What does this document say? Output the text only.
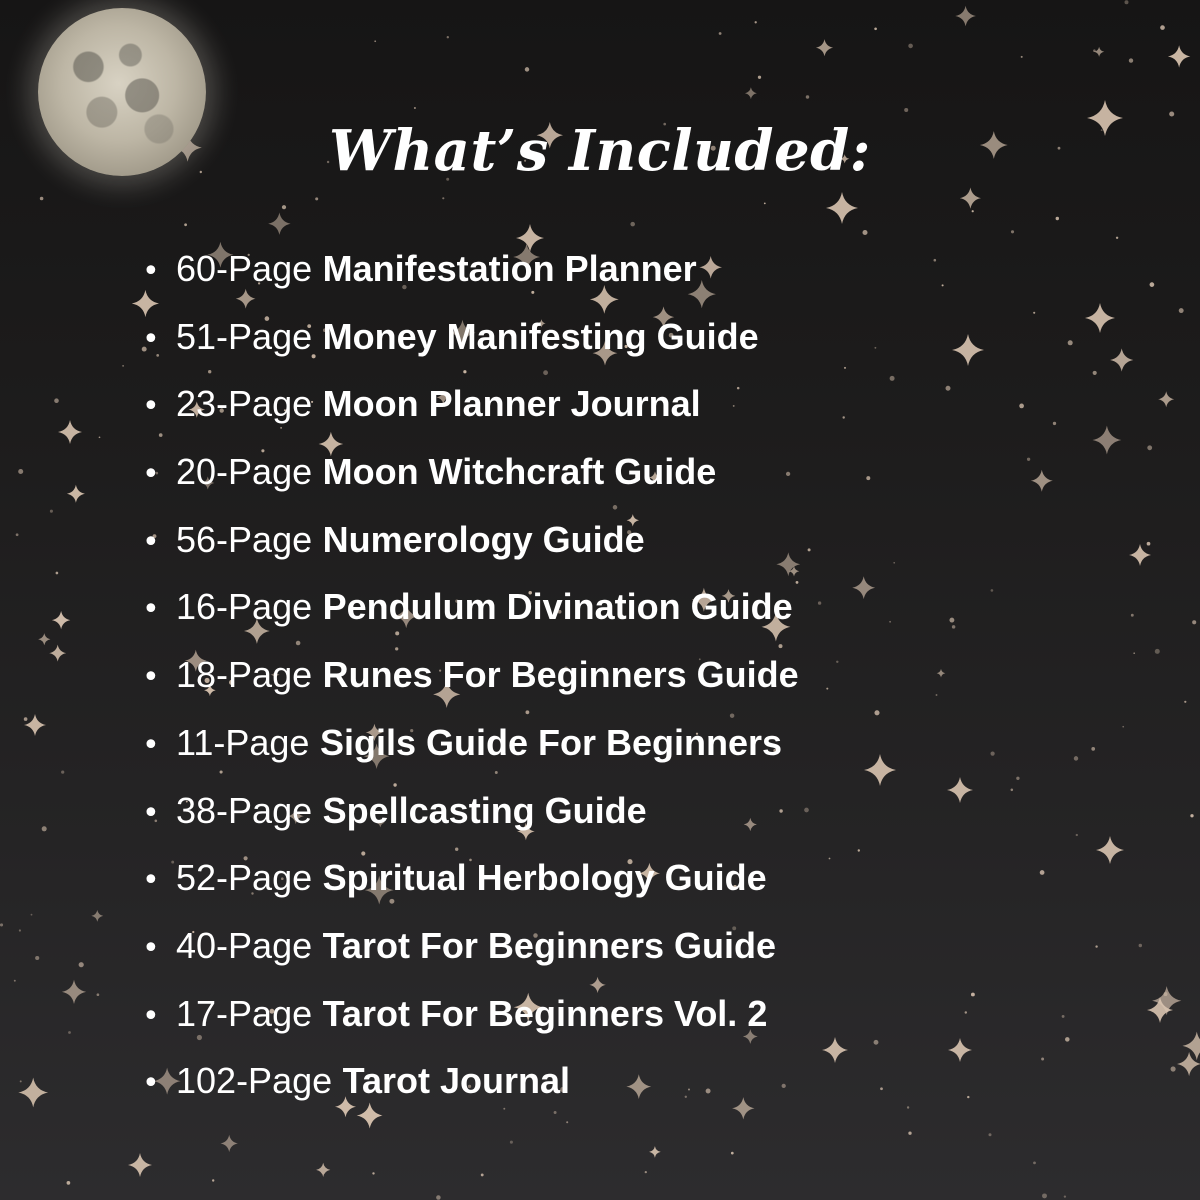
What’s Included:
• 60-Page Manifestation Planner
• 51-Page Money Manifesting Guide
• 23-Page Moon Planner Journal
• 20-Page Moon Witchcraft Guide
• 56-Page Numerology Guide
• 16-Page Pendulum Divination Guide
• 18-Page Runes For Beginners Guide
• 11-Page Sigils Guide For Beginners
• 38-Page Spellcasting Guide
• 52-Page Spiritual Herbology Guide
• 40-Page Tarot For Beginners Guide
• 17-Page Tarot For Beginners Vol. 2
• 102-Page Tarot Journal
